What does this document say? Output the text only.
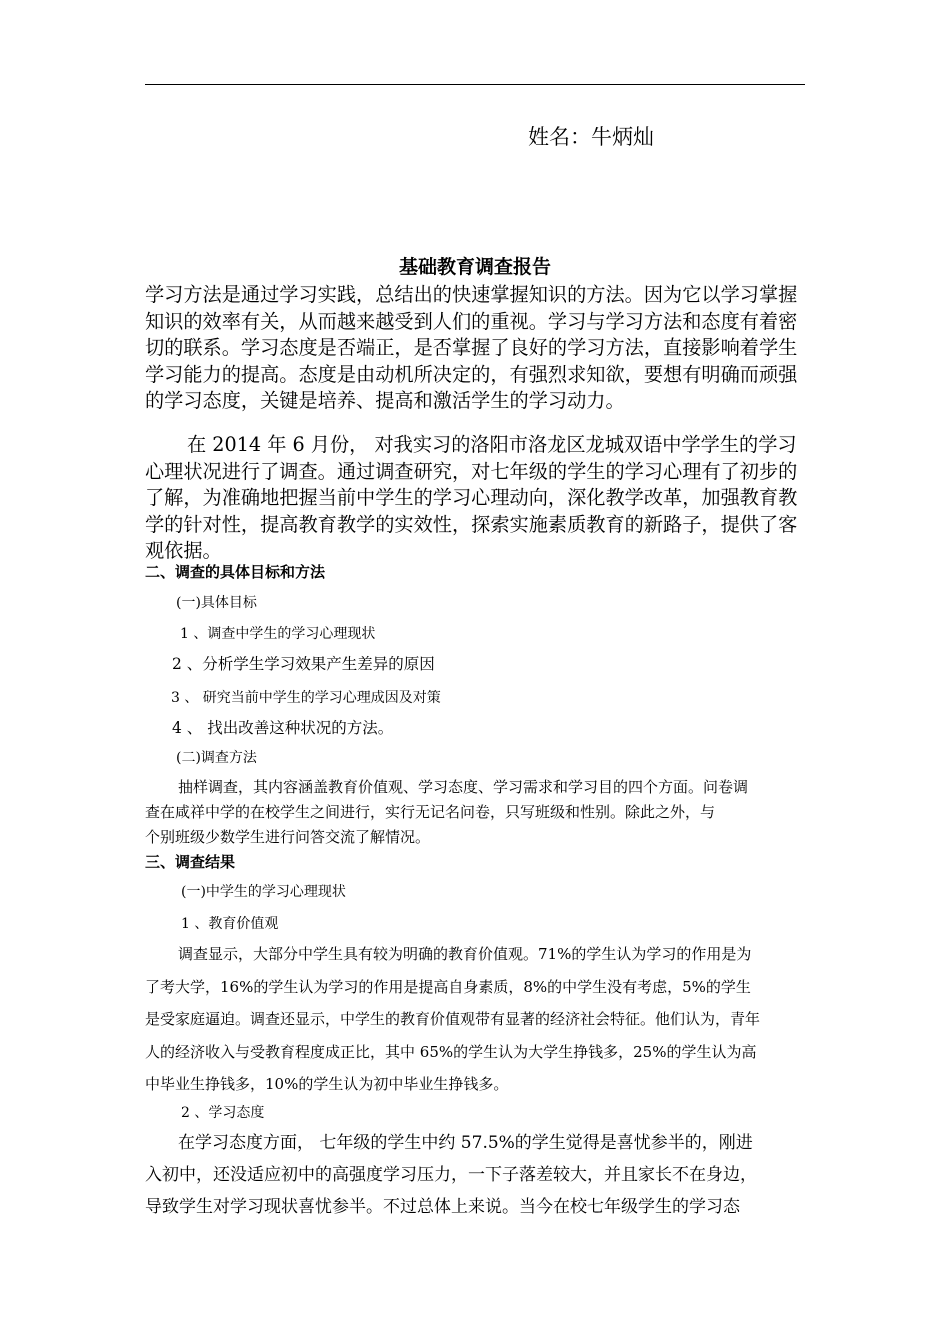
姓名：牛炳灿
基础教育调查报告
学习方法是通过学习实践，总结出的快速掌握知识的方法。因为它以学习掌握知识的效率有关，从而越来越受到人们的重视。学习与学习方法和态度有着密切的联系。学习态度是否端正，是否掌握了良好的学习方法，直接影响着学生学习能力的提高。态度是由动机所决定的，有强烈求知欲，要想有明确而顽强的学习态度，关键是培养、提高和激活学生的学习动力。
在 2014 年 6 月份， 对我实习的洛阳市洛龙区龙城双语中学学生的学习心理状况进行了调查。通过调查研究，对七年级的学生的学习心理有了初步的了解，为准确地把握当前中学生的学习心理动向，深化教学改革，加强教育教学的针对性，提高教育教学的实效性，探索实施素质教育的新路子，提供了客观依据。
二、调查的具体目标和方法
(一)具体目标
1 、调查中学生的学习心理现状
2 、分析学生学习效果产生差异的原因
3 、 研究当前中学生的学习心理成因及对策
4 、 找出改善这种状况的方法。
(二)调查方法
抽样调查，其内容涵盖教育价值观、学习态度、学习需求和学习目的四个方面。问卷调
查在咸祥中学的在校学生之间进行，实行无记名问卷，只写班级和性别。除此之外，与
个别班级少数学生进行问答交流了解情况。
三、调查结果
(一)中学生的学习心理现状
1 、教育价值观
调查显示，大部分中学生具有较为明确的教育价值观。71%的学生认为学习的作用是为
了考大学，16%的学生认为学习的作用是提高自身素质，8%的中学生没有考虑，5%的学生
是受家庭逼迫。调查还显示，中学生的教育价值观带有显著的经济社会特征。他们认为，青年
人的经济收入与受教育程度成正比，其中 65%的学生认为大学生挣钱多，25%的学生认为高
中毕业生挣钱多，10%的学生认为初中毕业生挣钱多。
2 、学习态度
在学习态度方面， 七年级的学生中约 57.5%的学生觉得是喜忧参半的，刚进
入初中，还没适应初中的高强度学习压力，一下子落差较大，并且家长不在身边，
导致学生对学习现状喜忧参半。不过总体上来说。当今在校七年级学生的学习态
